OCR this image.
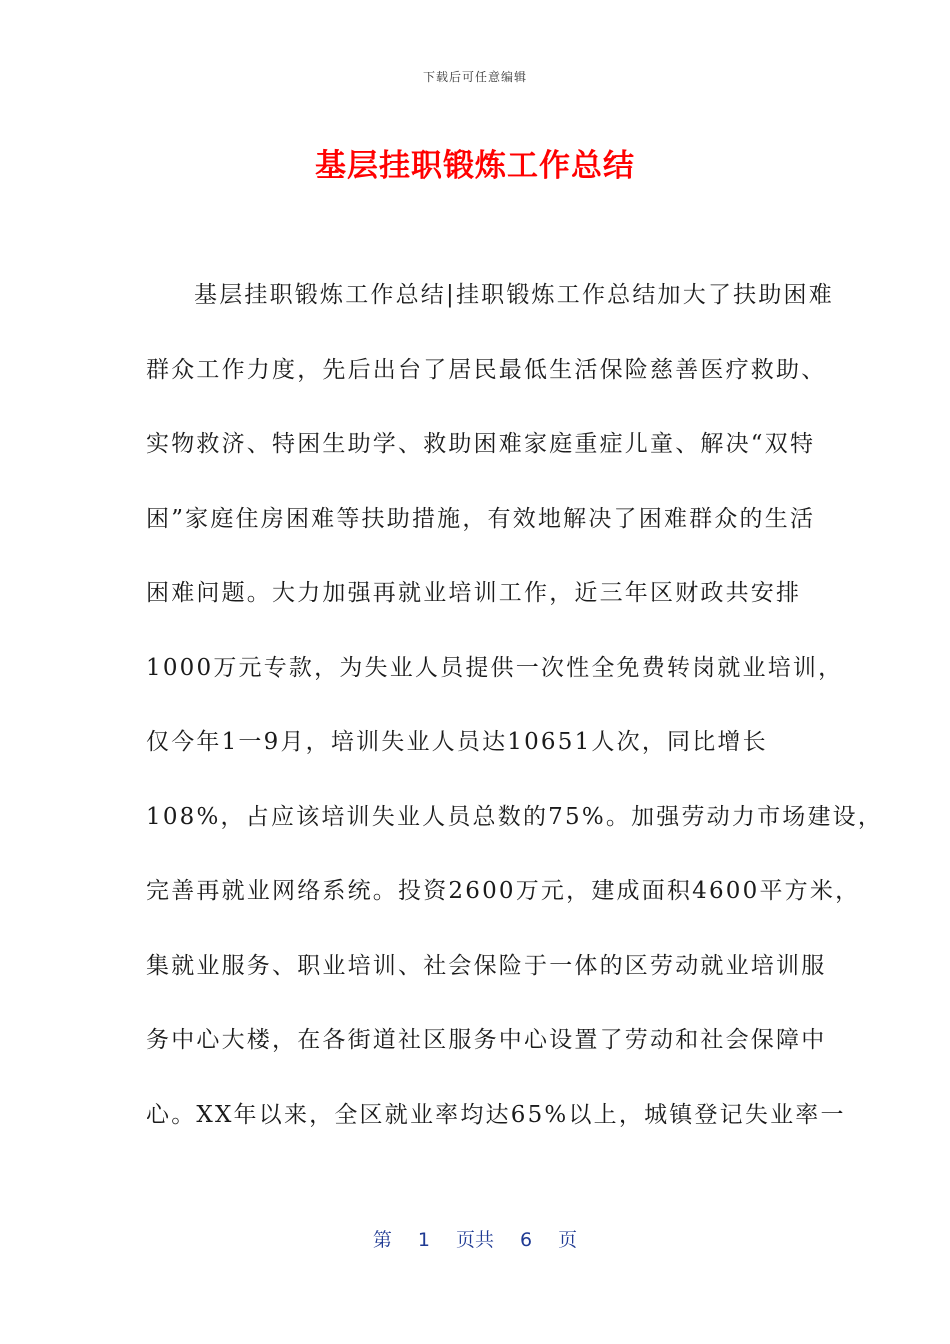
下载后可任意编辑
基层挂职锻炼工作总结
基层挂职锻炼工作总结|挂职锻炼工作总结加大了扶助困难
群众工作力度，先后出台了居民最低生活保险慈善医疗救助、
实物救济、特困生助学、救助困难家庭重症儿童、解决“双特
困”家庭住房困难等扶助措施，有效地解决了困难群众的生活
困难问题。大力加强再就业培训工作，近三年区财政共安排
1000万元专款，为失业人员提供一次性全免费转岗就业培训，
仅今年1一9月，培训失业人员达10651人次，同比增长
108%，占应该培训失业人员总数的75%。加强劳动力市场建设，
完善再就业网络系统。投资2600万元，建成面积4600平方米，
集就业服务、职业培训、社会保险于一体的区劳动就业培训服
务中心大楼，在各街道社区服务中心设置了劳动和社会保障中
心。XX年以来，全区就业率均达65%以上，城镇登记失业率一
第 1 页共 6 页
